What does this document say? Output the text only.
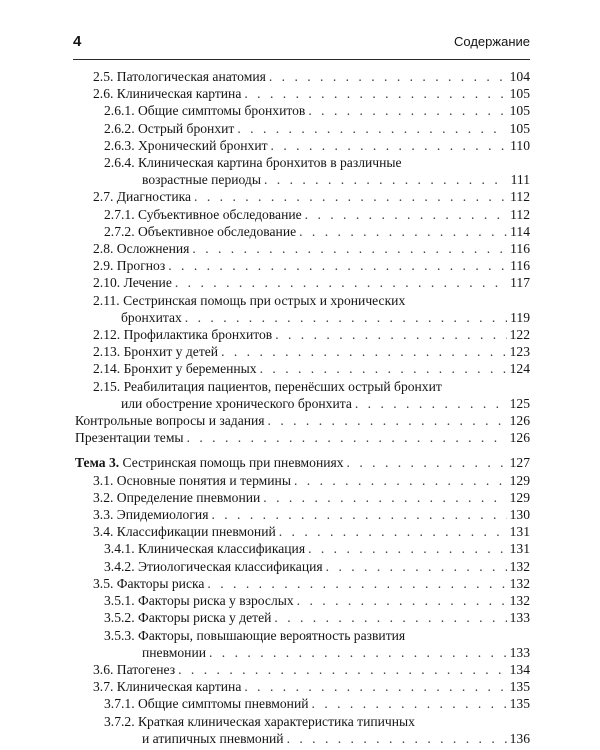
4	Содержание
2.5. Патологическая анатомия . . .	104
2.6. Клиническая картина . . .	105
2.6.1. Общие симптомы бронхитов . . .	105
2.6.2. Острый бронхит . . .	105
2.6.3. Хронический бронхит . . .	110
2.6.4. Клиническая картина бронхитов в различные
возрастные периоды . . .	111
2.7. Диагностика . . .	112
2.7.1. Субъективное обследование . . .	112
2.7.2. Объективное обследование . . .	114
2.8. Осложнения . . .	116
2.9. Прогноз . . .	116
2.10. Лечение . . .	117
2.11. Сестринская помощь при острых и хронических
бронхитах . . .	119
2.12. Профилактика бронхитов . . .	122
2.13. Бронхит у детей . . .	123
2.14. Бронхит у беременных . . .	124
2.15. Реабилитация пациентов, перенёсших острый бронхит
или обострение хронического бронхита . . .	125
Контрольные вопросы и задания . . .	126
Презентации темы . . .	126
Тема 3. Сестринская помощь при пневмониях . . .	127
3.1. Основные понятия и термины . . .	129
3.2. Определение пневмонии . . .	129
3.3. Эпидемиология . . .	130
3.4. Классификации пневмоний . . .	131
3.4.1. Клиническая классификация . . .	131
3.4.2. Этиологическая классификация . . .	132
3.5. Факторы риска . . .	132
3.5.1. Факторы риска у взрослых . . .	132
3.5.2. Факторы риска у детей . . .	133
3.5.3. Факторы, повышающие вероятность развития
пневмонии . . .	133
3.6. Патогенез . . .	134
3.7. Клиническая картина . . .	135
3.7.1. Общие симптомы пневмоний . . .	135
3.7.2. Краткая клиническая характеристика типичных
и атипичных пневмоний . . .	136
